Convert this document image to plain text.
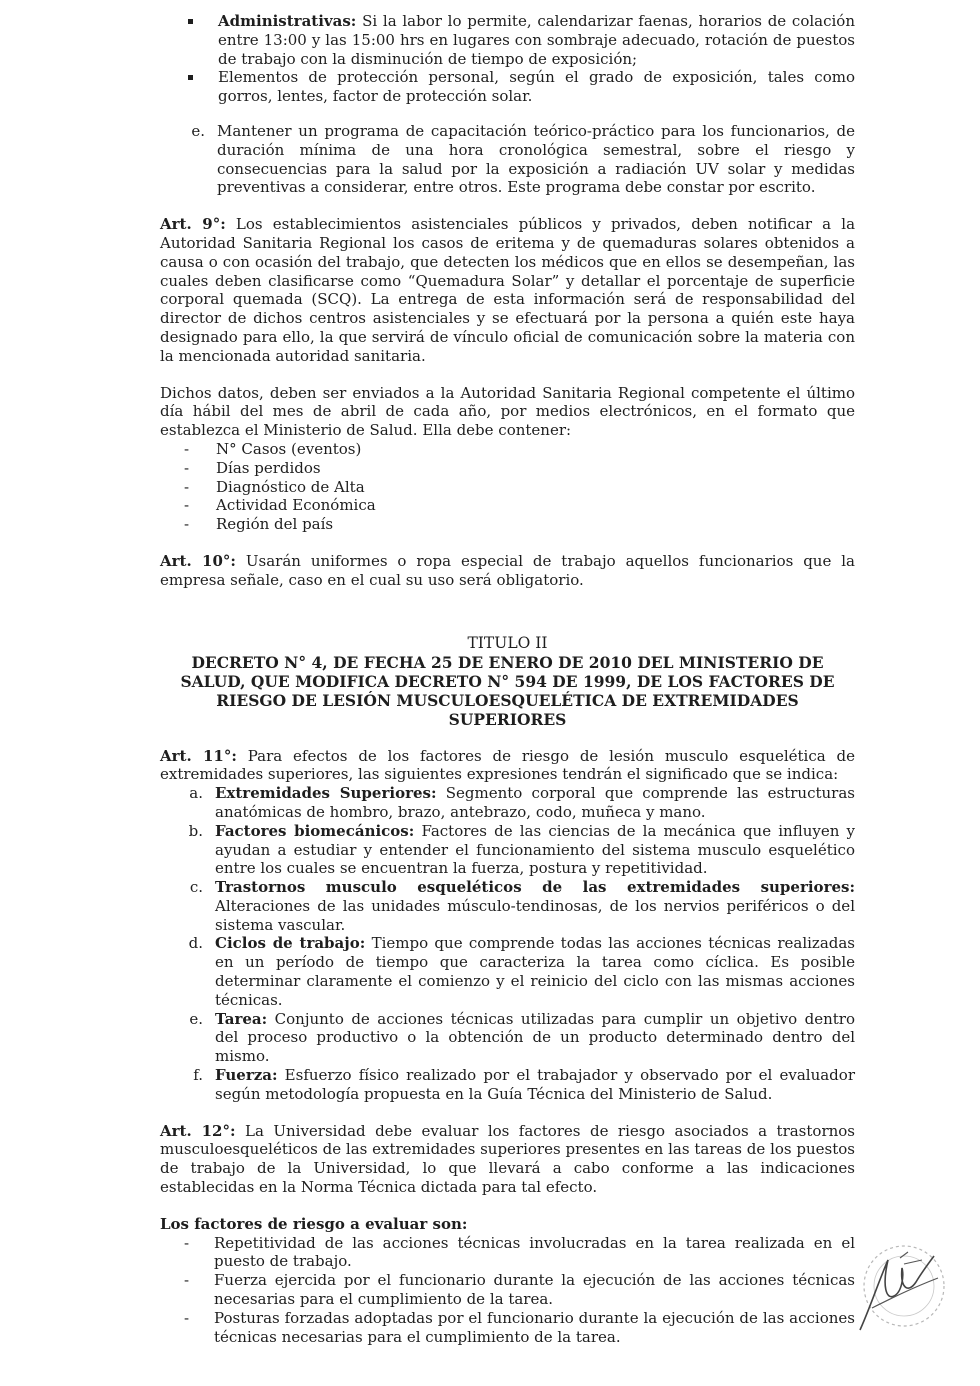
Administrativas: Si la labor lo permite, calendarizar faenas, horarios de colación entre 13:00 y las 15:00 hrs en lugares con sombraje adecuado, rotación de puestos de trabajo con la disminución de tiempo de exposición;
Elementos de protección personal, según el grado de exposición, tales como gorros, lentes, factor de protección solar.
e. Mantener un programa de capacitación teórico-práctico para los funcionarios, de duración mínima de una hora cronológica semestral, sobre el riesgo y consecuencias para la salud por la exposición a radiación UV solar y medidas preventivas a considerar, entre otros. Este programa debe constar por escrito.

Art. 9°: Los establecimientos asistenciales públicos y privados, deben notificar a la Autoridad Sanitaria Regional los casos de eritema y de quemaduras solares obtenidos a causa o con ocasión del trabajo, que detecten los médicos que en ellos se desempeñan, las cuales deben clasificarse como “Quemadura Solar” y detallar el porcentaje de superficie corporal quemada (SCQ). La entrega de esta información será de responsabilidad del director de dichos centros asistenciales y se efectuará por la persona a quién este haya designado para ello, la que servirá de vínculo oficial de comunicación sobre la materia con la mencionada autoridad sanitaria.

Dichos datos, deben ser enviados a la Autoridad Sanitaria Regional competente el último día hábil del mes de abril de cada año, por medios electrónicos, en el formato que establezca el Ministerio de Salud. Ella debe contener:

- N° Casos (eventos)
- Días perdidos
- Diagnóstico de Alta
- Actividad Económica
- Región del país

Art. 10°: Usarán uniformes o ropa especial de trabajo aquellos funcionarios que la empresa señale, caso en el cual su uso será obligatorio.

TITULO II
DECRETO N° 4, DE FECHA 25 DE ENERO DE 2010 DEL MINISTERIO DE SALUD, QUE MODIFICA DECRETO N° 594 DE 1999, DE LOS FACTORES DE RIESGO DE LESIÓN MUSCULOESQUELÉTICA DE EXTREMIDADES SUPERIORES

Art. 11°: Para efectos de los factores de riesgo de lesión musculo esquelética de extremidades superiores, las siguientes expresiones tendrán el significado que se indica:

a. Extremidades Superiores: Segmento corporal que comprende las estructuras anatómicas de hombro, brazo, antebrazo, codo, muñeca y mano.
b. Factores biomecánicos: Factores de las ciencias de la mecánica que influyen y ayudan a estudiar y entender el funcionamiento del sistema musculo esquelético entre los cuales se encuentran la fuerza, postura y repetitividad.
c. Trastornos musculo esqueléticos de las extremidades superiores: Alteraciones de las unidades músculo-tendinosas, de los nervios periféricos o del sistema vascular.
d. Ciclos de trabajo: Tiempo que comprende todas las acciones técnicas realizadas en un período de tiempo que caracteriza la tarea como cíclica. Es posible determinar claramente el comienzo y el reinicio del ciclo con las mismas acciones técnicas.
e. Tarea: Conjunto de acciones técnicas utilizadas para cumplir un objetivo dentro del proceso productivo o la obtención de un producto determinado dentro del mismo.
f. Fuerza: Esfuerzo físico realizado por el trabajador y observado por el evaluador según metodología propuesta en la Guía Técnica del Ministerio de Salud.

Art. 12°: La Universidad debe evaluar los factores de riesgo asociados a trastornos musculoesqueléticos de las extremidades superiores presentes en las tareas de los puestos de trabajo de la Universidad, lo que llevará a cabo conforme a las indicaciones establecidas en la Norma Técnica dictada para tal efecto.

Los factores de riesgo a evaluar son:

- Repetitividad de las acciones técnicas involucradas en la tarea realizada en el puesto de trabajo.
- Fuerza ejercida por el funcionario durante la ejecución de las acciones técnicas necesarias para el cumplimiento de la tarea.
- Posturas forzadas adoptadas por el funcionario durante la ejecución de las acciones técnicas necesarias para el cumplimiento de la tarea.
